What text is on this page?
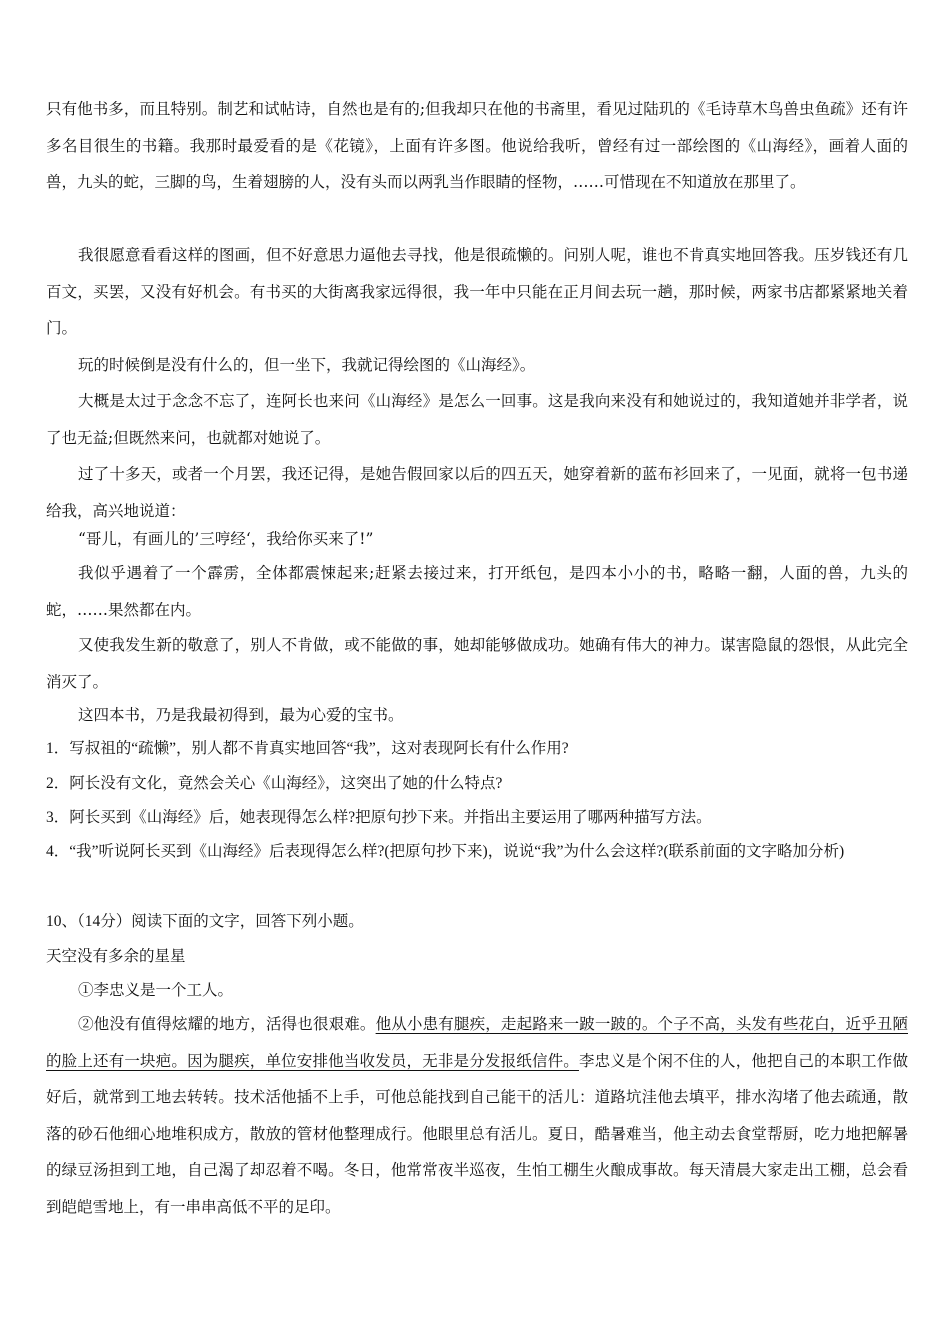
只有他书多，而且特别。制艺和试帖诗，自然也是有的;但我却只在他的书斋里，看见过陆玑的《毛诗草木鸟兽虫鱼疏》还有许多名目很生的书籍。我那时最爱看的是《花镜》，上面有许多图。他说给我听，曾经有过一部绘图的《山海经》，画着人面的兽，九头的蛇，三脚的鸟，生着翅膀的人，没有头而以两乳当作眼睛的怪物，……可惜现在不知道放在那里了。

我很愿意看看这样的图画，但不好意思力逼他去寻找，他是很疏懒的。问别人呢，谁也不肯真实地回答我。压岁钱还有几百文，买罢，又没有好机会。有书买的大街离我家远得很，我一年中只能在正月间去玩一趟，那时候，两家书店都紧紧地关着门。

玩的时候倒是没有什么的，但一坐下，我就记得绘图的《山海经》。

大概是太过于念念不忘了，连阿长也来问《山海经》是怎么一回事。这是我向来没有和她说过的，我知道她并非学者，说了也无益;但既然来问，也就都对她说了。

过了十多天，或者一个月罢，我还记得，是她告假回家以后的四五天，她穿着新的蓝布衫回来了，一见面，就将一包书递给我，高兴地说道：

“哥儿，有画儿的’三哼经‘，我给你买来了!”

我似乎遇着了一个霹雳，全体都震悚起来;赶紧去接过来，打开纸包，是四本小小的书，略略一翻，人面的兽，九头的蛇，……果然都在内。

又使我发生新的敬意了，别人不肯做，或不能做的事，她却能够做成功。她确有伟大的神力。谋害隐鼠的怨恨，从此完全消灭了。

这四本书，乃是我最初得到，最为心爱的宝书。

1．写叔祖的“疏懒”，别人都不肯真实地回答“我”，这对表现阿长有什么作用?

2．阿长没有文化，竟然会关心《山海经》，这突出了她的什么特点?

3．阿长买到《山海经》后，她表现得怎么样?把原句抄下来。并指出主要运用了哪两种描写方法。

4．“我”听说阿长买到《山海经》后表现得怎么样?(把原句抄下来)，说说“我”为什么会这样?(联系前面的文字略加分析)

10、（14分）阅读下面的文字，回答下列小题。

天空没有多余的星星

①李忠义是一个工人。

②他没有值得炫耀的地方，活得也很艰难。他从小患有腿疾，走起路来一跛一跛的。个子不高，头发有些花白，近乎丑陋的脸上还有一块疤。因为腿疾，单位安排他当收发员，无非是分发报纸信件。李忠义是个闲不住的人，他把自己的本职工作做好后，就常到工地去转转。技术活他插不上手，可他总能找到自己能干的活儿：道路坑洼他去填平，排水沟堵了他去疏通，散落的砂石他细心地堆积成方，散放的管材他整理成行。他眼里总有活儿。夏日，酷暑难当，他主动去食堂帮厨，吃力地把解暑的绿豆汤担到工地，自己渴了却忍着不喝。冬日，他常常夜半巡夜，生怕工棚生火酿成事故。每天清晨大家走出工棚，总会看到皑皑雪地上，有一串串高低不平的足印。
